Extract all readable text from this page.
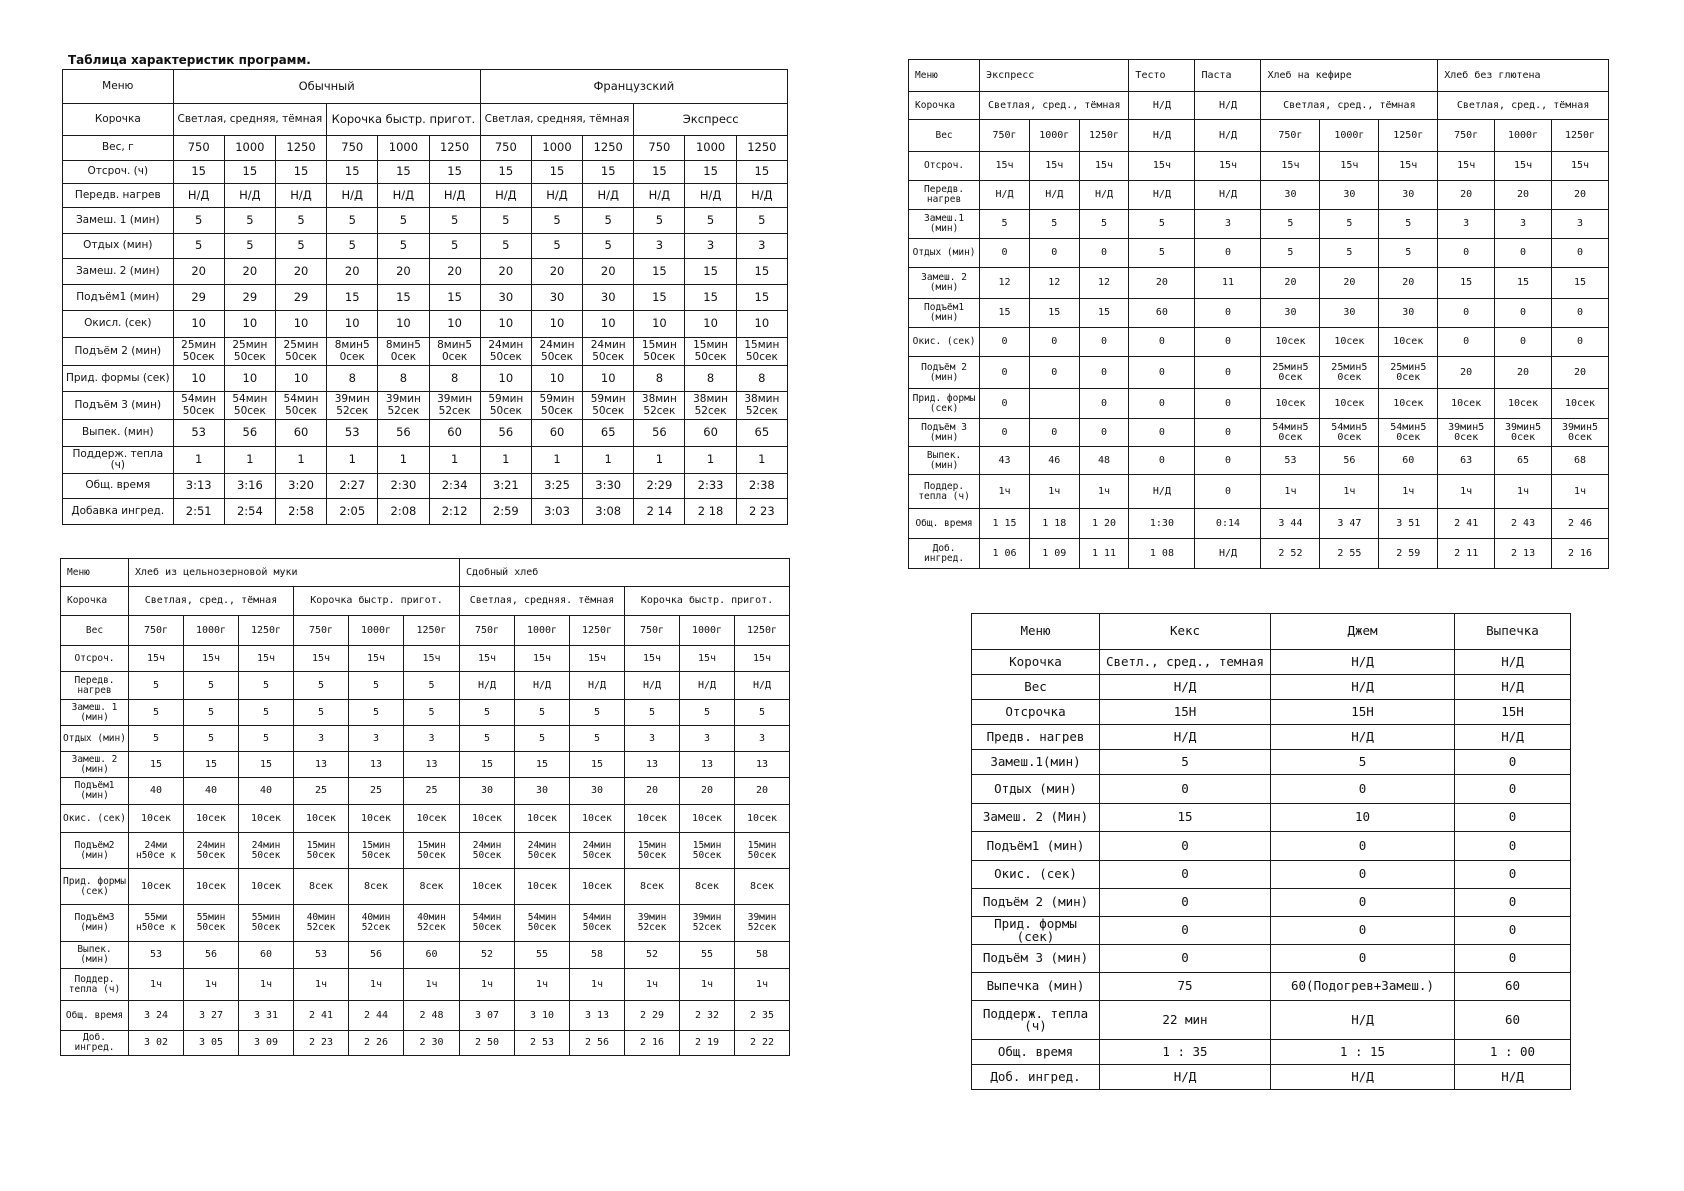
Таблица характеристик программ.
Меню	Обычный						Французский					
Корочка	Светлая, средняя, тёмная			Корочка быстр. пригот.			Светлая, средняя, тёмная			Экспресс		
Вес, г	750	1000	1250	750	1000	1250	750	1000	1250	750	1000	1250
Отсроч. (ч)	15	15	15	15	15	15	15	15	15	15	15	15
Передв. нагрев	Н/Д	Н/Д	Н/Д	Н/Д	Н/Д	Н/Д	Н/Д	Н/Д	Н/Д	Н/Д	Н/Д	Н/Д
Замеш. 1 (мин)	5	5	5	5	5	5	5	5	5	5	5	5
Отдых (мин)	5	5	5	5	5	5	5	5	5	3	3	3
Замеш. 2 (мин)	20	20	20	20	20	20	20	20	20	15	15	15
Подъём1 (мин)	29	29	29	15	15	15	30	30	30	15	15	15
Окисл. (сек)	10	10	10	10	10	10	10	10	10	10	10	10
Подъём 2 (мин)	25мин 50сек	25мин 50сек	25мин 50сек	8мин5 0сек	8мин5 0сек	8мин5 0сек	24мин 50сек	24мин 50сек	24мин 50сек	15мин 50сек	15мин 50сек	15мин 50сек
Прид. формы (сек)	10	10	10	8	8	8	10	10	10	8	8	8
Подъём 3 (мин)	54мин 50сек	54мин 50сек	54мин 50сек	39мин 52сек	39мин 52сек	39мин 52сек	59мин 50сек	59мин 50сек	59мин 50сек	38мин 52сек	38мин 52сек	38мин 52сек
Выпек. (мин)	53	56	60	53	56	60	56	60	65	56	60	65
Поддерж. тепла (ч)	1	1	1	1	1	1	1	1	1	1	1	1
Общ. время	3:13	3:16	3:20	2:27	2:30	2:34	3:21	3:25	3:30	2:29	2:33	2:38
Добавка ингред.	2:51	2:54	2:58	2:05	2:08	2:12	2:59	3:03	3:08	2 14	2 18	2 23
Меню	Экспресс			Тесто	Паста	Хлеб на кефире			Хлеб без глютена		
Корочка	Светлая, сред., тёмная			Н/Д	Н/Д	Светлая, сред., тёмная			Светлая, сред., тёмная		
Вес	750г	1000г	1250г	Н/Д	Н/Д	750г	1000г	1250г	750г	1000г	1250г
Отсроч.	15ч	15ч	15ч	15ч	15ч	15ч	15ч	15ч	15ч	15ч	15ч
Передв. нагрев	Н/Д	Н/Д	Н/Д	Н/Д	Н/Д	30	30	30	20	20	20
Замеш.1 (мин)	5	5	5	5	3	5	5	5	3	3	3
Отдых (мин)	0	0	0	5	0	5	5	5	0	0	0
Замеш. 2 (мин)	12	12	12	20	11	20	20	20	15	15	15
Подъём1 (мин)	15	15	15	60	0	30	30	30	0	0	0
Окис. (сек)	0	0	0	0	0	10сек	10сек	10сек	0	0	0
Подъём 2 (мин)	0	0	0	0	0	25мин5 0сек	25мин5 0сек	25мин5 0сек	20	20	20
Прид. формы (сек)	0		0	0	0	10сек	10сек	10сек	10сек	10сек	10сек
Подъём 3 (мин)	0	0	0	0	0	54мин5 0сек	54мин5 0сек	54мин5 0сек	39мин5 0сек	39мин5 0сек	39мин5 0сек
Выпек. (мин)	43	46	48	0	0	53	56	60	63	65	68
Поддер. тепла (ч)	1ч	1ч	1ч	Н/Д	0	1ч	1ч	1ч	1ч	1ч	1ч
Общ. время	1 15	1 18	1 20	1:30	0:14	3 44	3 47	3 51	2 41	2 43	2 46
Доб. ингред.	1 06	1 09	1 11	1 08	Н/Д	2 52	2 55	2 59	2 11	2 13	2 16
Меню	Хлеб из цельнозерновой муки						Сдобный хлеб					
Корочка	Светлая, сред., тёмная			Корочка быстр. пригот.			Светлая, средняя. тёмная			Корочка быстр. пригот.		
Вес	750г	1000г	1250г	750г	1000г	1250г	750г	1000г	1250г	750г	1000г	1250г
Отсроч.	15ч	15ч	15ч	15ч	15ч	15ч	15ч	15ч	15ч	15ч	15ч	15ч
Передв. нагрев	5	5	5	5	5	5	Н/Д	Н/Д	Н/Д	Н/Д	Н/Д	Н/Д
Замеш. 1 (мин)	5	5	5	5	5	5	5	5	5	5	5	5
Отдых (мин)	5	5	5	3	3	3	5	5	5	3	3	3
Замеш. 2 (мин)	15	15	15	13	13	13	15	15	15	13	13	13
Подъём1 (мин)	40	40	40	25	25	25	30	30	30	20	20	20
Окис. (сек)	10сек	10сек	10сек	10сек	10сек	10сек	10сек	10сек	10сек	10сек	10сек	10сек
Подъём2 (мин)	24ми н50се к	24мин 50сек	24мин 50сек	15мин 50сек	15мин 50сек	15мин 50сек	24мин 50сек	24мин 50сек	24мин 50сек	15мин 50сек	15мин 50сек	15мин 50сек
Прид. формы (сек)	10сек	10сек	10сек	8сек	8сек	8сек	10сек	10сек	10сек	8сек	8сек	8сек
Подъём3 (мин)	55ми н50се к	55мин 50сек	55мин 50сек	40мин 52сек	40мин 52сек	40мин 52сек	54мин 50сек	54мин 50сек	54мин 50сек	39мин 52сек	39мин 52сек	39мин 52сек
Выпек. (мин)	53	56	60	53	56	60	52	55	58	52	55	58
Поддер. тепла (ч)	1ч	1ч	1ч	1ч	1ч	1ч	1ч	1ч	1ч	1ч	1ч	1ч
Общ. время	3 24	3 27	3 31	2 41	2 44	2 48	3 07	3 10	3 13	2 29	2 32	2 35
Доб. ингред.	3 02	3 05	3 09	2 23	2 26	2 30	2 50	2 53	2 56	2 16	2 19	2 22
Меню	Кекс	Джем	Выпечка
Корочка	Светл., сред., темная	Н/Д	Н/Д
Вес	Н/Д	Н/Д	Н/Д
Отсрочка	15Н	15Н	15Н
Предв. нагрев	Н/Д	Н/Д	Н/Д
Замеш.1(мин)	5	5	0
Отдых (мин)	0	0	0
Замеш. 2 (Мин)	15	10	0
Подъём1 (мин)	0	0	0
Окис. (сек)	0	0	0
Подъём 2 (мин)	0	0	0
Прид. формы (сек)	0	0	0
Подъём 3 (мин)	0	0	0
Выпечка (мин)	75	60(Подогрев+Замеш.)	60
Поддерж. тепла (ч)	22 мин	Н/Д	60
Общ. время	1 : 35	1 : 15	1 : 00
Доб. ингред.	Н/Д	Н/Д	Н/Д
